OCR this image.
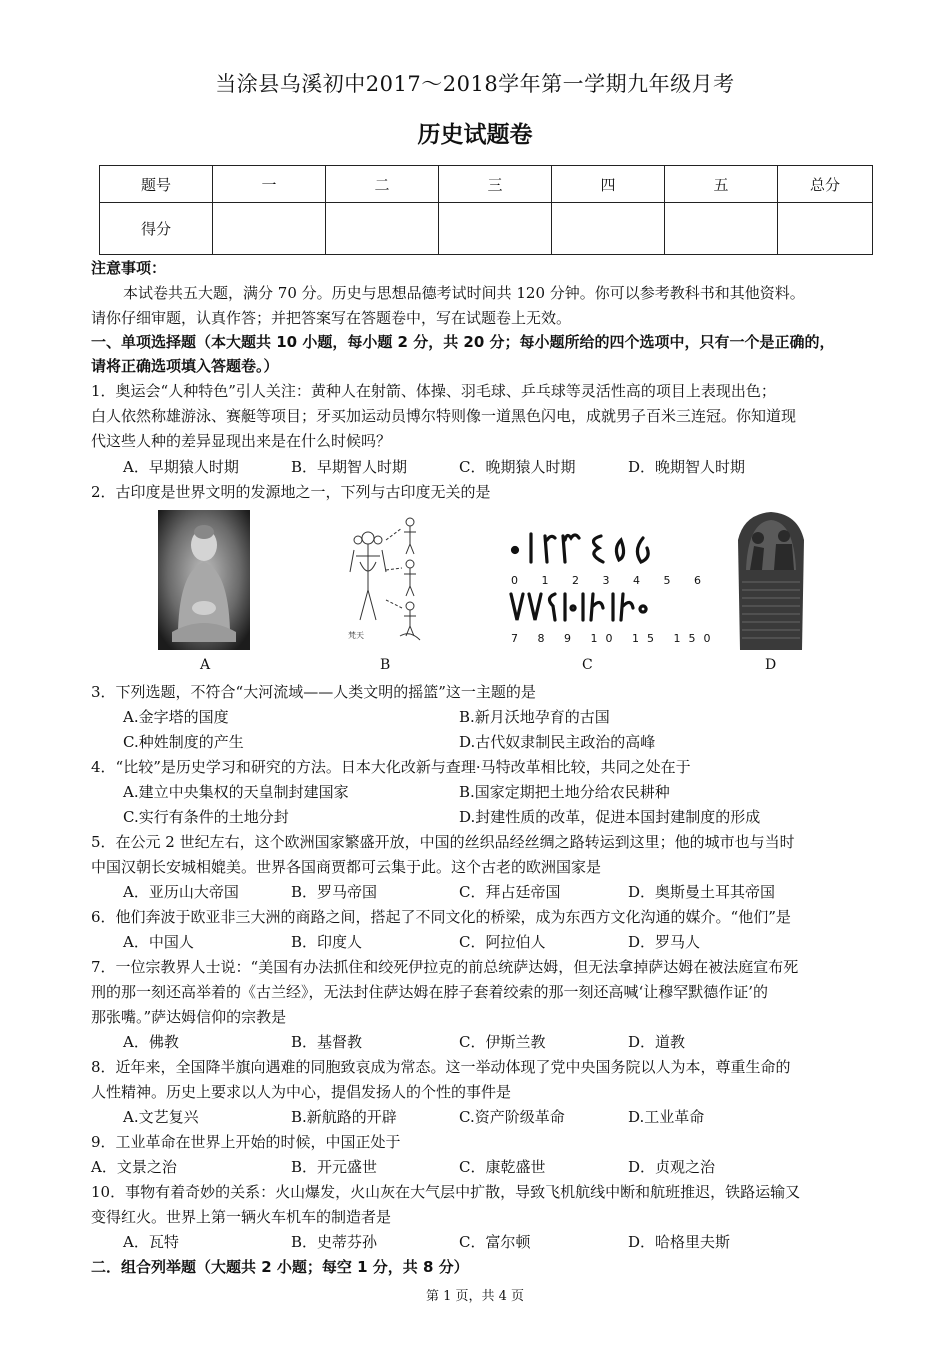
当涂县乌溪初中2017～2018学年第一学期九年级月考
历史试题卷
题号	一	二	三	四	五	总分
得分						
注意事项：
本试卷共五大题，满分 70 分。历史与思想品德考试时间共 120 分钟。你可以参考教科书和其他资料。
请你仔细审题，认真作答；并把答案写在答题卷中，写在试题卷上无效。
一、单项选择题（本大题共 10 小题，每小题 2 分，共 20 分；每小题所给的四个选项中，只有一个是正确的，
请将正确选项填入答题卷。）
1．奥运会“人种特色”引人关注：黄种人在射箭、体操、羽毛球、乒乓球等灵活性高的项目上表现出色；
白人依然称雄游泳、赛艇等项目；牙买加运动员博尔特则像一道黑色闪电，成就男子百米三连冠。你知道现
代这些人种的差异显现出来是在什么时候吗？
A．早期猿人时期	B．早期智人时期	C．晚期猿人时期	D．晚期智人时期
2．古印度是世界文明的发源地之一，下列与古印度无关的是
梵天
0 1 2 3 4 5 6
7 8 9 10 15 150
A	B	C	D
3．下列选题，不符合“大河流域——人类文明的摇篮”这一主题的是
A.金字塔的国度	B.新月沃地孕育的古国
C.种姓制度的产生	D.古代奴隶制民主政治的高峰
4．“比较”是历史学习和研究的方法。日本大化改新与查理·马特改革相比较，共同之处在于
A.建立中央集权的天皇制封建国家	B.国家定期把土地分给农民耕种
C.实行有条件的土地分封	D.封建性质的改革，促进本国封建制度的形成
5．在公元 2 世纪左右，这个欧洲国家繁盛开放，中国的丝织品经丝绸之路转运到这里；他的城市也与当时
中国汉朝长安城相媲美。世界各国商贾都可云集于此。这个古老的欧洲国家是
A．亚历山大帝国	B．罗马帝国	C．拜占廷帝国	D．奥斯曼土耳其帝国
6．他们奔波于欧亚非三大洲的商路之间，搭起了不同文化的桥梁，成为东西方文化沟通的媒介。“他们”是
A．中国人	B．印度人	C．阿拉伯人	D．罗马人
7．一位宗教界人士说：“美国有办法抓住和绞死伊拉克的前总统萨达姆，但无法拿掉萨达姆在被法庭宣布死
刑的那一刻还高举着的《古兰经》，无法封住萨达姆在脖子套着绞索的那一刻还高喊‘让穆罕默德作证’的
那张嘴。”萨达姆信仰的宗教是
A．佛教	B．基督教	C．伊斯兰教	D．道教
8．近年来，全国降半旗向遇难的同胞致哀成为常态。这一举动体现了党中央国务院以人为本，尊重生命的
人性精神。历史上要求以人为中心，提倡发扬人的个性的事件是
A.文艺复兴	B.新航路的开辟	C.资产阶级革命	D.工业革命
9．工业革命在世界上开始的时候，中国正处于
A．文景之治	B．开元盛世	C．康乾盛世	D．贞观之治
10．事物有着奇妙的关系：火山爆发，火山灰在大气层中扩散，导致飞机航线中断和航班推迟，铁路运输又
变得红火。世界上第一辆火车机车的制造者是
A．瓦特	B．史蒂芬孙	C．富尔顿	D．哈格里夫斯
二．组合列举题（大题共 2 小题；每空 1 分，共 8 分）
第 1 页，共 4 页
